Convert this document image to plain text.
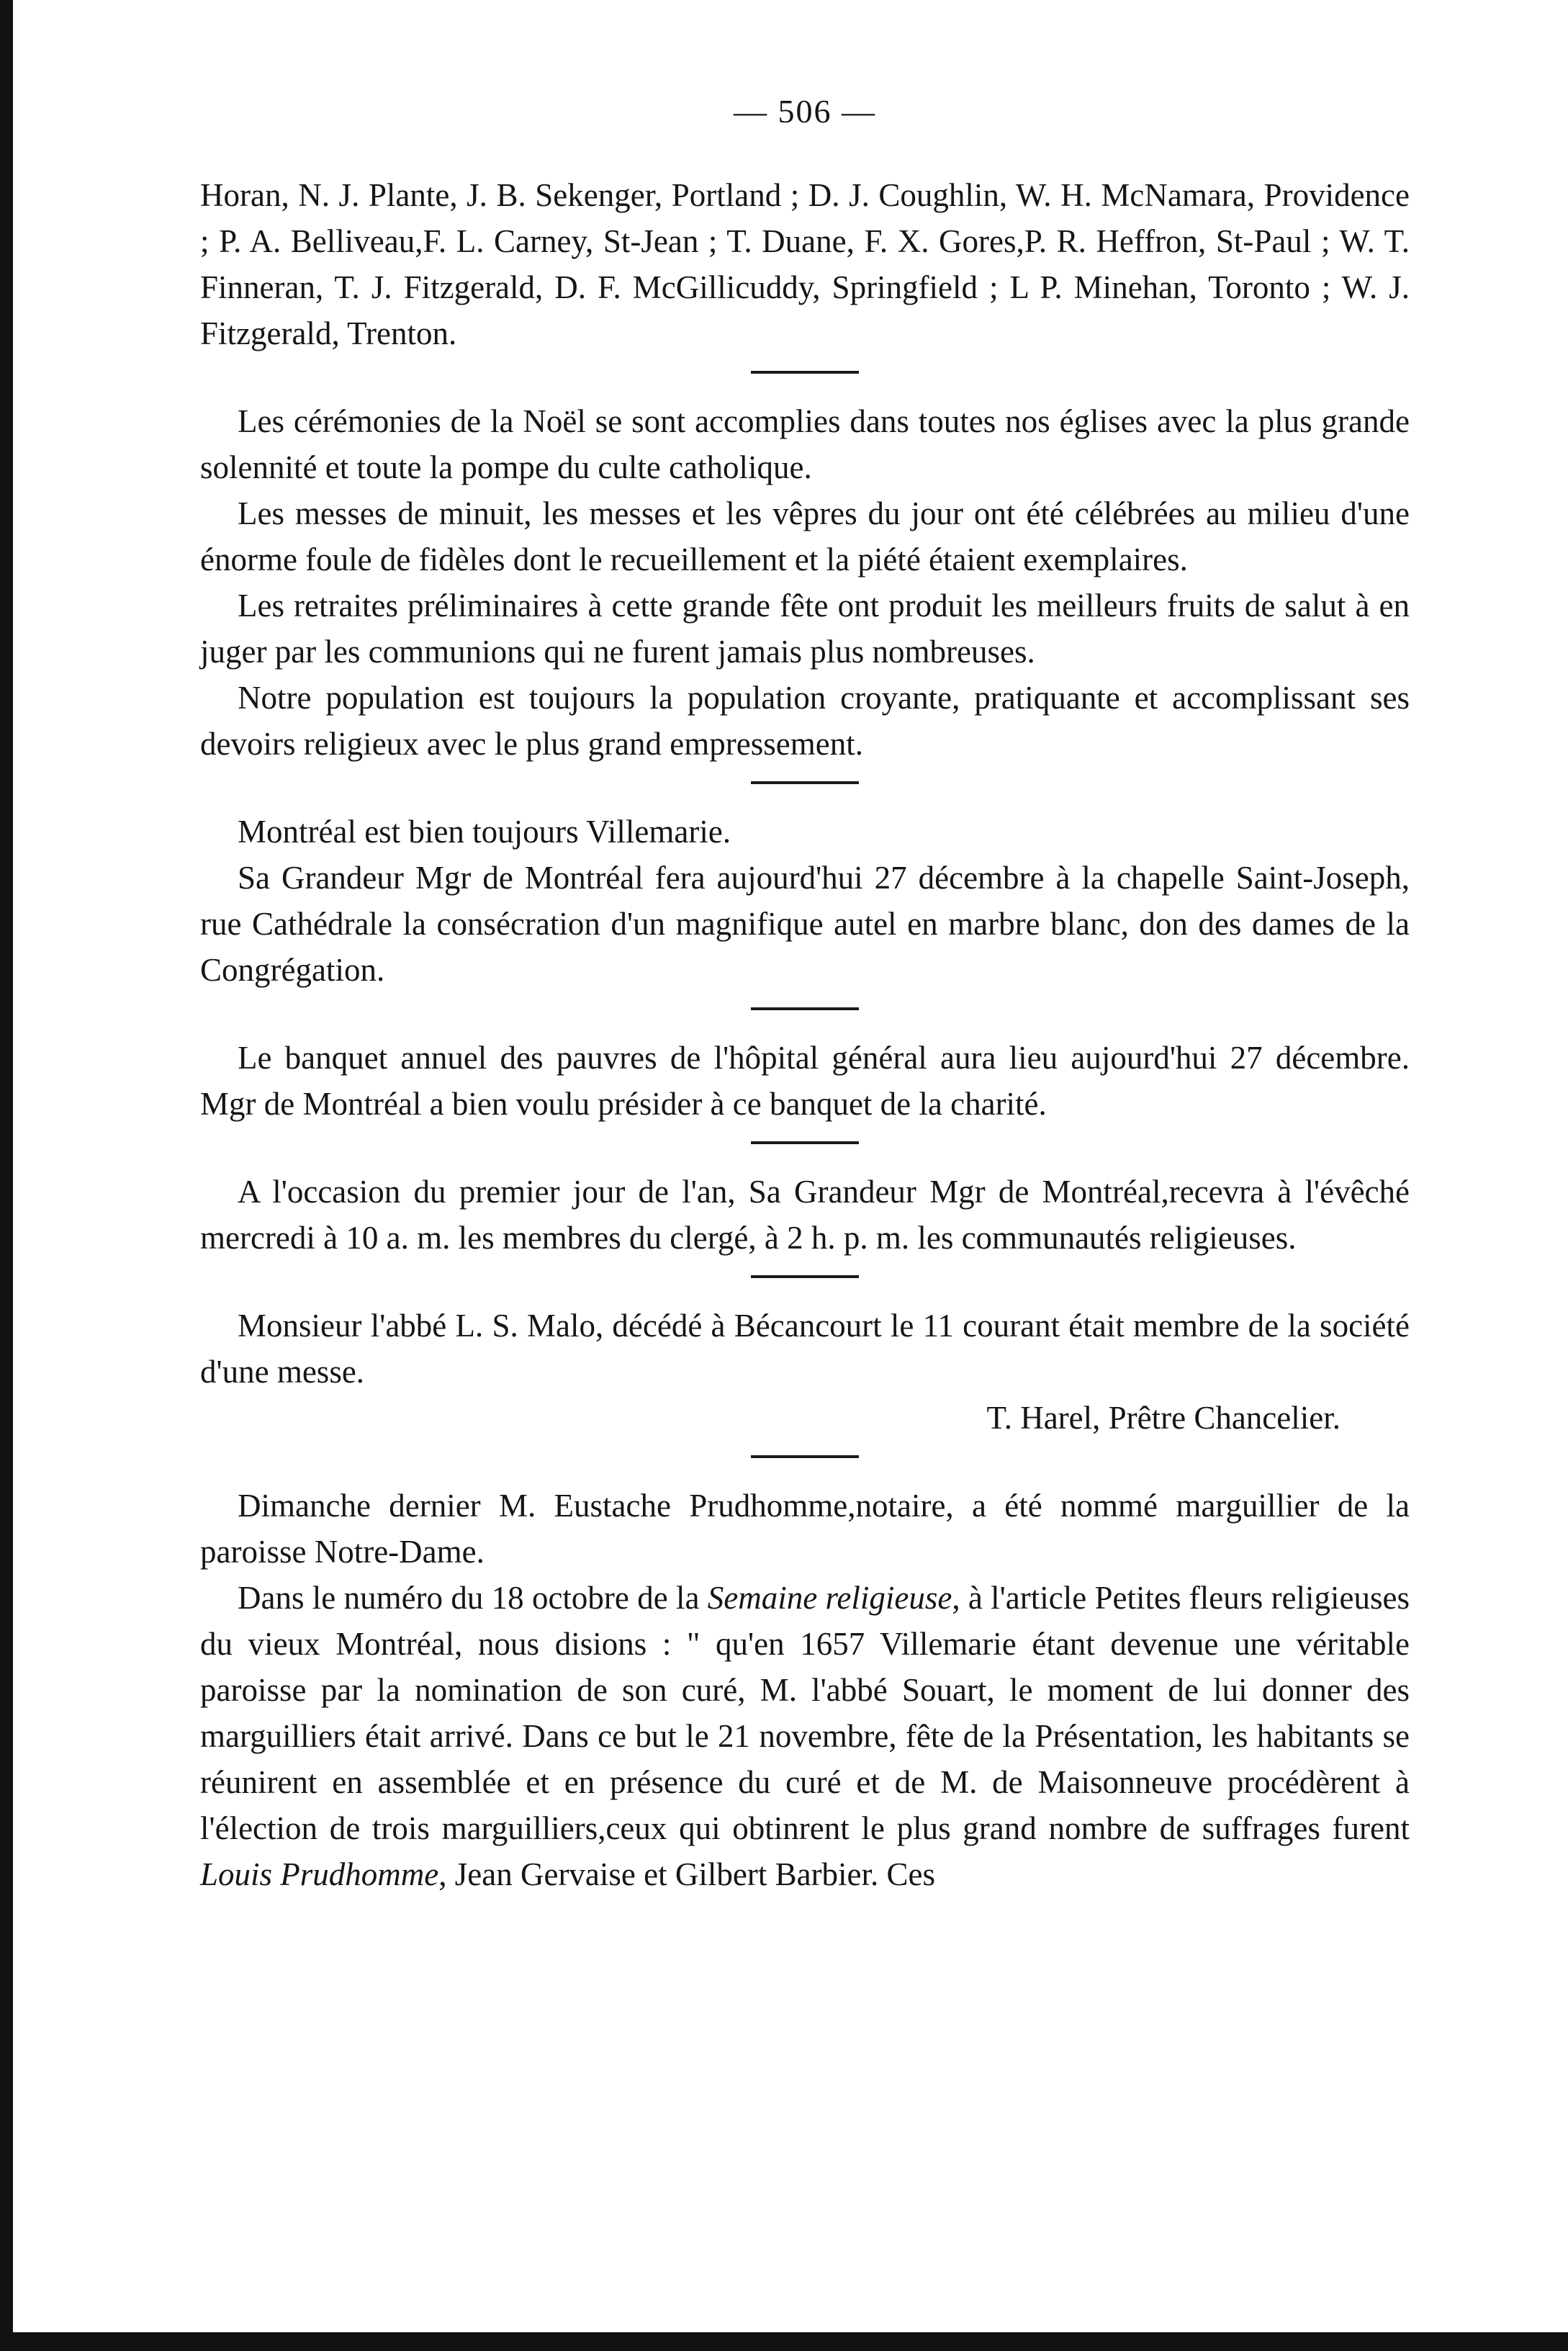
— 506 —

Horan, N. J. Plante, J. B. Sekenger, Portland ; D. J. Coughlin, W. H. McNamara, Providence ; P. A. Belliveau,F. L. Carney, St-Jean ; T. Duane, F. X. Gores,P. R. Heffron, St-Paul ; W. T. Finneran, T. J. Fitzgerald, D. F. McGillicuddy, Springfield ; L P. Minehan, Toronto ; W. J. Fitzgerald, Trenton.

Les cérémonies de la Noël se sont accomplies dans toutes nos églises avec la plus grande solennité et toute la pompe du culte catholique.

Les messes de minuit, les messes et les vêpres du jour ont été célébrées au milieu d'une énorme foule de fidèles dont le recueillement et la piété étaient exemplaires.

Les retraites préliminaires à cette grande fête ont produit les meilleurs fruits de salut à en juger par les communions qui ne furent jamais plus nombreuses.

Notre population est toujours la population croyante, pratiquante et accomplissant ses devoirs religieux avec le plus grand empressement.

Montréal est bien toujours Villemarie.

Sa Grandeur Mgr de Montréal fera aujourd'hui 27 décembre à la chapelle Saint-Joseph, rue Cathédrale la consécration d'un magnifique autel en marbre blanc, don des dames de la Congrégation.

Le banquet annuel des pauvres de l'hôpital général aura lieu aujourd'hui 27 décembre. Mgr de Montréal a bien voulu présider à ce banquet de la charité.

A l'occasion du premier jour de l'an, Sa Grandeur Mgr de Montréal,recevra à l'évêché mercredi à 10 a. m. les membres du clergé, à 2 h. p. m. les communautés religieuses.

Monsieur l'abbé L. S. Malo, décédé à Bécancourt le 11 courant était membre de la société d'une messe.

T. Harel, Prêtre Chancelier.

Dimanche dernier M. Eustache Prudhomme,notaire, a été nommé marguillier de la paroisse Notre-Dame.

Dans le numéro du 18 octobre de la Semaine religieuse, à l'article Petites fleurs religieuses du vieux Montréal, nous disions : " qu'en 1657 Villemarie étant devenue une véritable paroisse par la nomination de son curé, M. l'abbé Souart, le moment de lui donner des marguilliers était arrivé. Dans ce but le 21 novembre, fête de la Présentation, les habitants se réunirent en assemblée et en présence du curé et de M. de Maisonneuve procédèrent à l'élection de trois marguilliers,ceux qui obtinrent le plus grand nombre de suffrages furent Louis Prudhomme, Jean Gervaise et Gilbert Barbier. Ces
